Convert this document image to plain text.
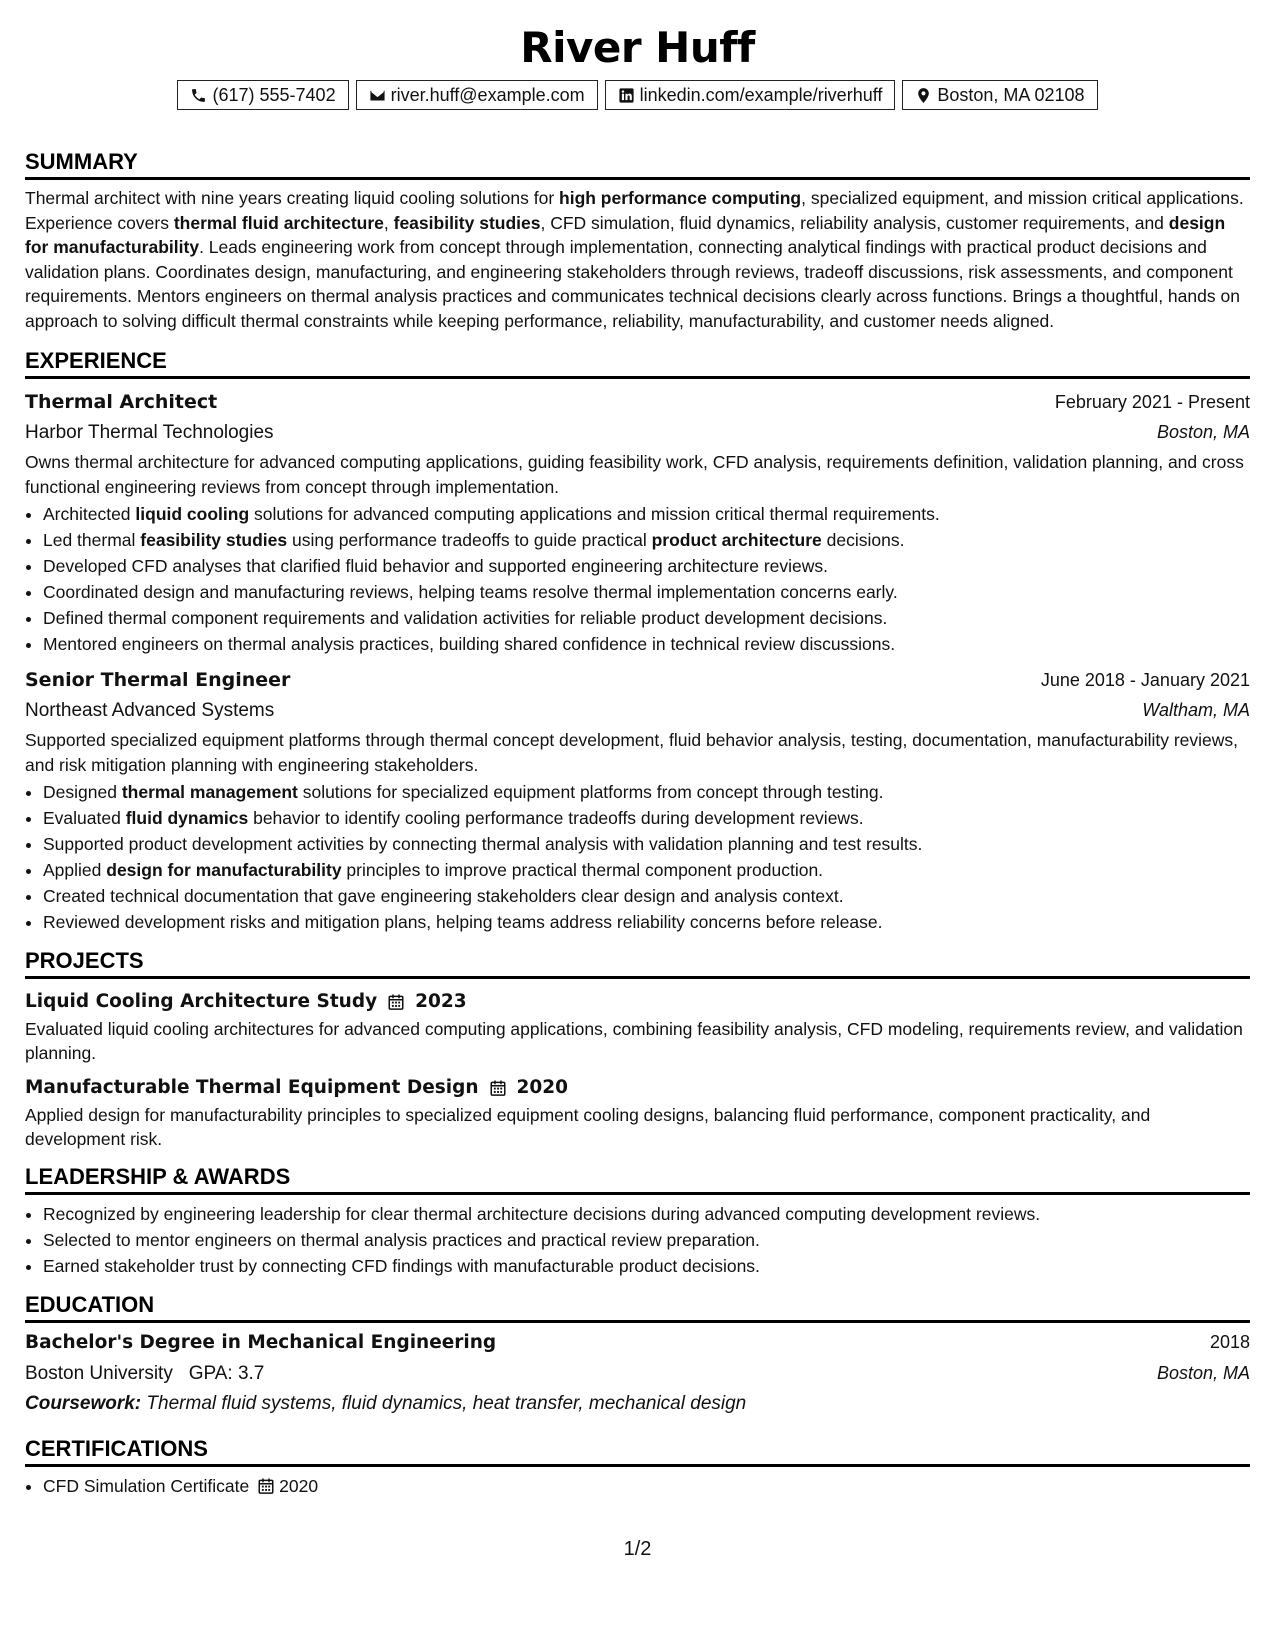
River Huff
(617) 555-7402	river.huff@example.com	linkedin.com/example/riverhuff	Boston, MA 02108
SUMMARY
Thermal architect with nine years creating liquid cooling solutions for high performance computing, specialized equipment, and mission critical applications. Experience covers thermal fluid architecture, feasibility studies, CFD simulation, fluid dynamics, reliability analysis, customer requirements, and design for manufacturability. Leads engineering work from concept through implementation, connecting analytical findings with practical product decisions and validation plans. Coordinates design, manufacturing, and engineering stakeholders through reviews, tradeoff discussions, risk assessments, and component requirements. Mentors engineers on thermal analysis practices and communicates technical decisions clearly across functions. Brings a thoughtful, hands on approach to solving difficult thermal constraints while keeping performance, reliability, manufacturability, and customer needs aligned.
EXPERIENCE
Thermal Architect	February 2021 - Present
Harbor Thermal Technologies	Boston, MA
Owns thermal architecture for advanced computing applications, guiding feasibility work, CFD analysis, requirements definition, validation planning, and cross functional engineering reviews from concept through implementation.
• Architected liquid cooling solutions for advanced computing applications and mission critical thermal requirements.
• Led thermal feasibility studies using performance tradeoffs to guide practical product architecture decisions.
• Developed CFD analyses that clarified fluid behavior and supported engineering architecture reviews.
• Coordinated design and manufacturing reviews, helping teams resolve thermal implementation concerns early.
• Defined thermal component requirements and validation activities for reliable product development decisions.
• Mentored engineers on thermal analysis practices, building shared confidence in technical review discussions.
Senior Thermal Engineer	June 2018 - January 2021
Northeast Advanced Systems	Waltham, MA
Supported specialized equipment platforms through thermal concept development, fluid behavior analysis, testing, documentation, manufacturability reviews, and risk mitigation planning with engineering stakeholders.
• Designed thermal management solutions for specialized equipment platforms from concept through testing.
• Evaluated fluid dynamics behavior to identify cooling performance tradeoffs during development reviews.
• Supported product development activities by connecting thermal analysis with validation planning and test results.
• Applied design for manufacturability principles to improve practical thermal component production.
• Created technical documentation that gave engineering stakeholders clear design and analysis context.
• Reviewed development risks and mitigation plans, helping teams address reliability concerns before release.
PROJECTS
Liquid Cooling Architecture Study 2023
Evaluated liquid cooling architectures for advanced computing applications, combining feasibility analysis, CFD modeling, requirements review, and validation planning.
Manufacturable Thermal Equipment Design 2020
Applied design for manufacturability principles to specialized equipment cooling designs, balancing fluid performance, component practicality, and development risk.
LEADERSHIP & AWARDS
• Recognized by engineering leadership for clear thermal architecture decisions during advanced computing development reviews.
• Selected to mentor engineers on thermal analysis practices and practical review preparation.
• Earned stakeholder trust by connecting CFD findings with manufacturable product decisions.
EDUCATION
Bachelor's Degree in Mechanical Engineering	2018
Boston University GPA: 3.7	Boston, MA
Coursework: Thermal fluid systems, fluid dynamics, heat transfer, mechanical design
CERTIFICATIONS
• CFD Simulation Certificate 2020
1/2
